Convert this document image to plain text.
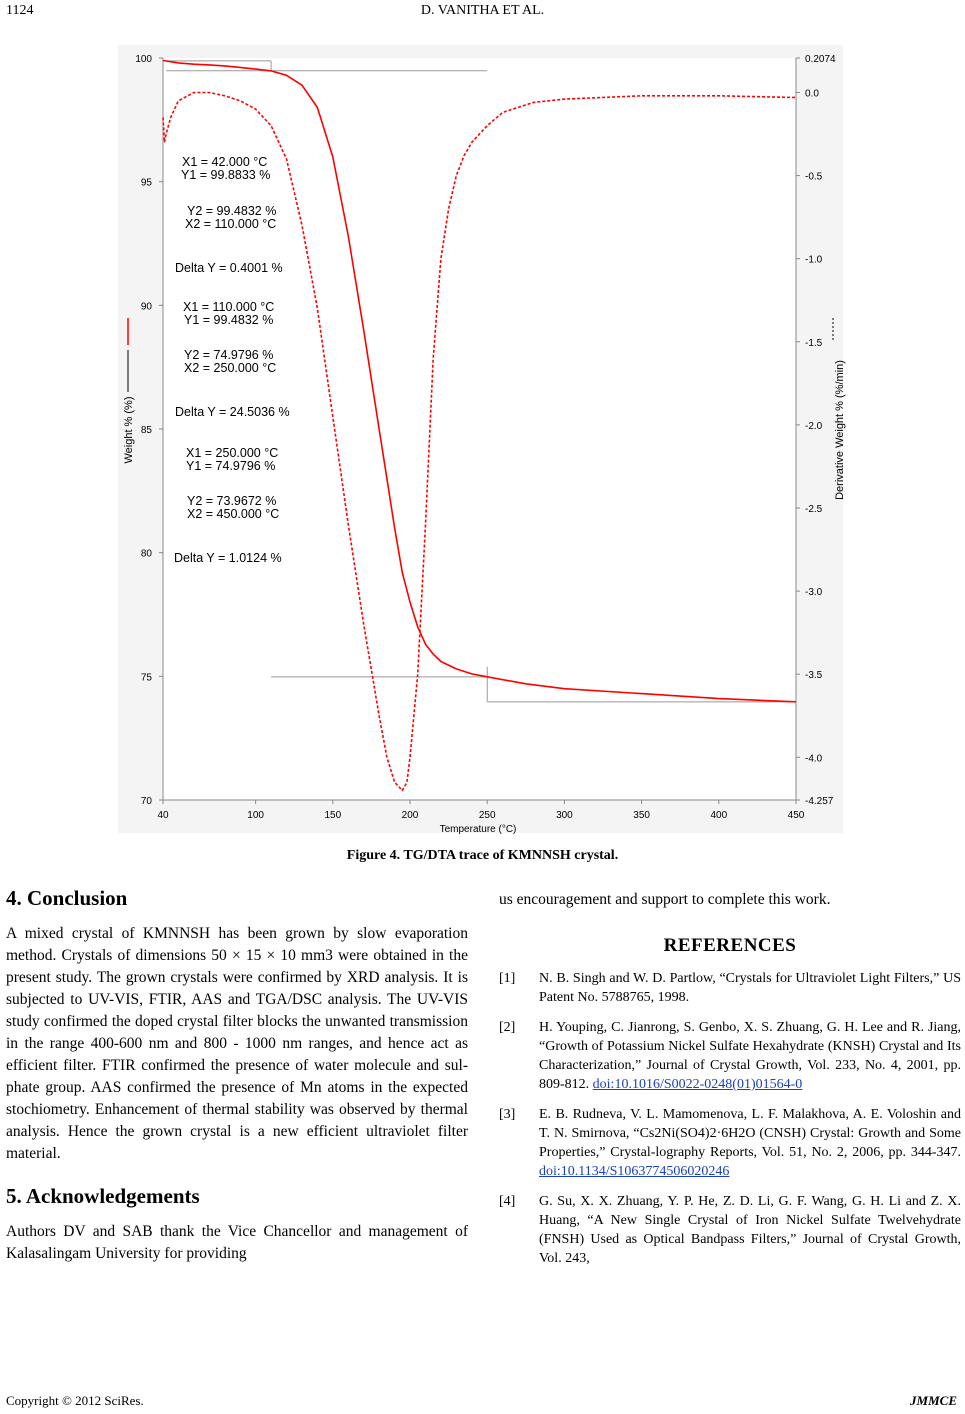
1124	D. VANITHA ET AL.
X1 = 42.000 °C
Y1 = 99.8833 %
Y2 = 99.4832 %
X2 = 110.000 °C
Delta Y = 0.4001 %
X1 = 110.000 °C
Y1 = 99.4832 %
Y2 = 74.9796 %
X2 = 250.000 °C
Delta Y = 24.5036 %
X1 = 250.000 °C
Y1 = 74.9796 %
Y2 = 73.9672 %
X2 = 450.000 °C
Delta Y = 1.0124 %
40	100	150	200	250	300	350	400	450
70
75
80
85
90
95
100	0.2074
0.0
-0.5
-1.0
-1.5
-2.0
-2.5
-3.0
-3.5
-4.0
-4.257
Temperature (°C)
Weight % (%)	Derivative Weight % (%/min)
Figure 4. TG/DTA trace of KMNNSH crystal.
4. Conclusion
A mixed crystal of KMNNSH has been grown by slow evaporation method. Crystals of dimensions 50 × 15 × 10 mm3 were obtained in the present study. The grown crystals were confirmed by XRD analysis. It is subjected to UV-VIS, FTIR, AAS and TGA/DSC analysis. The UV-VIS study confirmed the doped crystal filter blocks the unwanted transmission in the range 400-600 nm and 800 - 1000 nm ranges, and hence act as efficient filter. FTIR confirmed the presence of water molecule and sul-phate group. AAS confirmed the presence of Mn atoms in the expected stochiometry. Enhancement of thermal stability was observed by thermal analysis. Hence the grown crystal is a new efficient ultraviolet filter material.
5. Acknowledgements
Authors DV and SAB thank the Vice Chancellor and management of Kalasalingam University for providing
us encouragement and support to complete this work.
REFERENCES
[1]	N. B. Singh and W. D. Partlow, “Crystals for Ultraviolet Light Filters,” US Patent No. 5788765, 1998.
[2]	H. Youping, C. Jianrong, S. Genbo, X. S. Zhuang, G. H. Lee and R. Jiang, “Growth of Potassium Nickel Sulfate Hexahydrate (KNSH) Crystal and Its Characterization,” Journal of Crystal Growth, Vol. 233, No. 4, 2001, pp. 809-812. doi:10.1016/S0022-0248(01)01564-0
[3]	E. B. Rudneva, V. L. Mamomenova, L. F. Malakhova, A. E. Voloshin and T. N. Smirnova, “Cs2Ni(SO4)2·6H2O (CNSH) Crystal: Growth and Some Properties,” Crystal-lography Reports, Vol. 51, No. 2, 2006, pp. 344-347. doi:10.1134/S1063774506020246
[4]	G. Su, X. X. Zhuang, Y. P. He, Z. D. Li, G. F. Wang, G. H. Li and Z. X. Huang, “A New Single Crystal of Iron Nickel Sulfate Twelvehydrate (FNSH) Used as Optical Bandpass Filters,” Journal of Crystal Growth, Vol. 243,
Copyright © 2012 SciRes.	JMMCE
